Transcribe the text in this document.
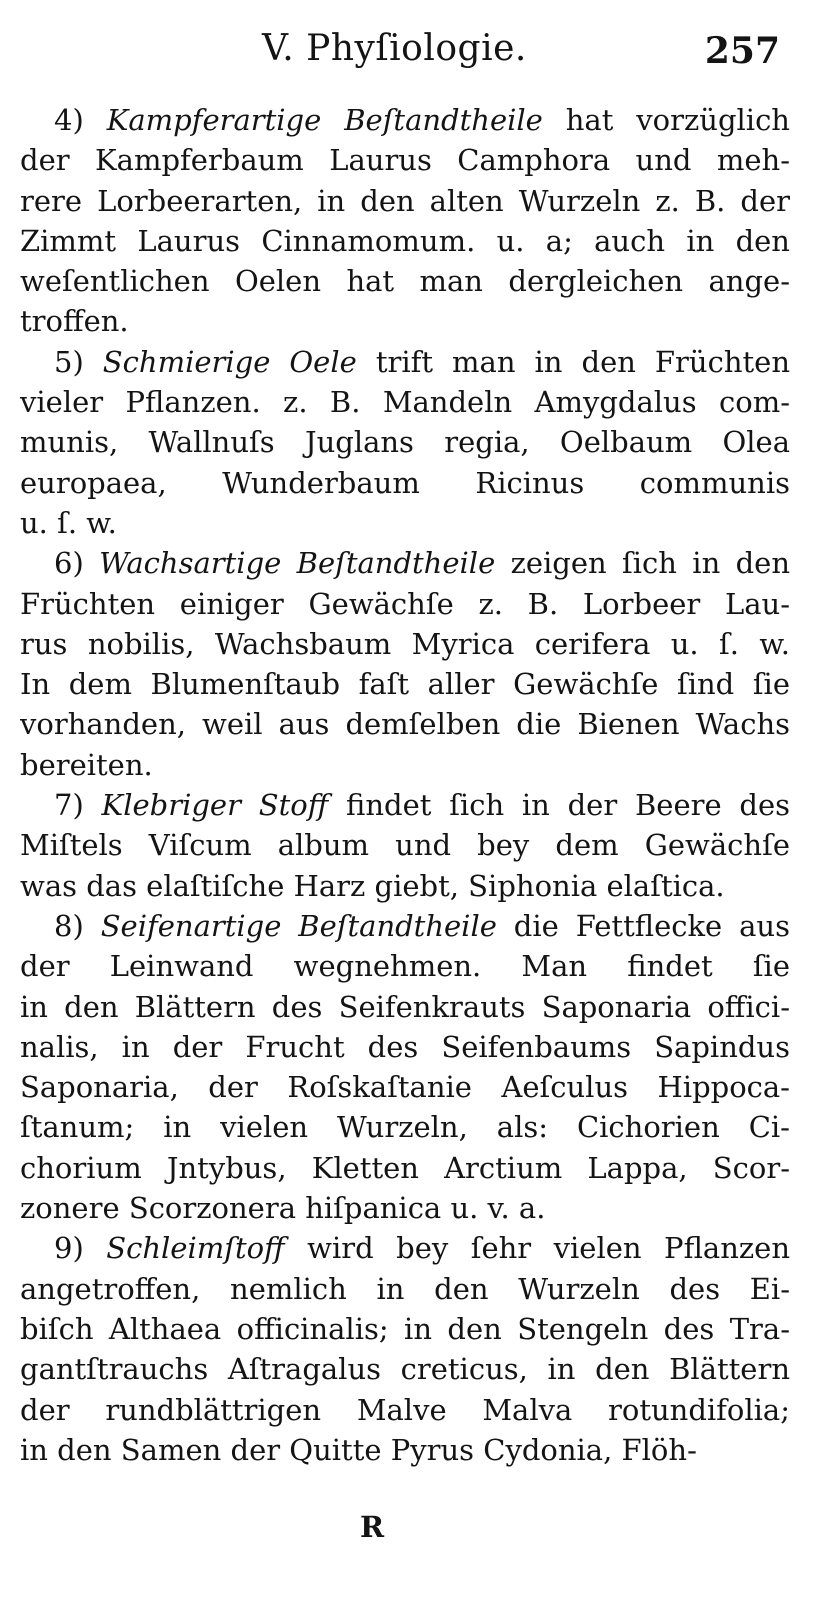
V. Phyſiologie.	257
4) Kampferartige Beſtandtheile hat vorzüglich
der Kampferbaum Laurus Camphora und meh-
rere Lorbeerarten, in den alten Wurzeln z. B. der
Zimmt Laurus Cinnamomum. u. a; auch in den
weſentlichen Oelen hat man dergleichen ange-
troffen.
5) Schmierige Oele trift man in den Früchten
vieler Pflanzen. z. B. Mandeln Amygdalus com-
munis, Wallnuſs Juglans regia, Oelbaum Olea
europaea, Wunderbaum Ricinus communis
u. ſ. w.
6) Wachsartige Beſtandtheile zeigen ſich in den
Früchten einiger Gewächſe z. B. Lorbeer Lau-
rus nobilis, Wachsbaum Myrica cerifera u. ſ. w.
In dem Blumenſtaub faſt aller Gewächſe ſind ſie
vorhanden, weil aus demſelben die Bienen Wachs
bereiten.
7) Klebriger Stoff findet ſich in der Beere des
Miſtels Viſcum album und bey dem Gewächſe
was das elaſtiſche Harz giebt, Siphonia elaſtica.
8) Seifenartige Beſtandtheile die Fettflecke aus
der Leinwand wegnehmen. Man findet ſie
in den Blättern des Seifenkrauts Saponaria offici-
nalis, in der Frucht des Seifenbaums Sapindus
Saponaria, der Roſskaſtanie Aeſculus Hippoca-
ſtanum; in vielen Wurzeln, als: Cichorien Ci-
chorium Jntybus, Kletten Arctium Lappa, Scor-
zonere Scorzonera hiſpanica u. v. a.
9) Schleimſtoff wird bey ſehr vielen Pflanzen
angetroffen, nemlich in den Wurzeln des Ei-
biſch Althaea officinalis; in den Stengeln des Tra-
gantſtrauchs Aſtragalus creticus, in den Blättern
der rundblättrigen Malve Malva rotundifolia;
in den Samen der Quitte Pyrus Cydonia, Flöh-
R
